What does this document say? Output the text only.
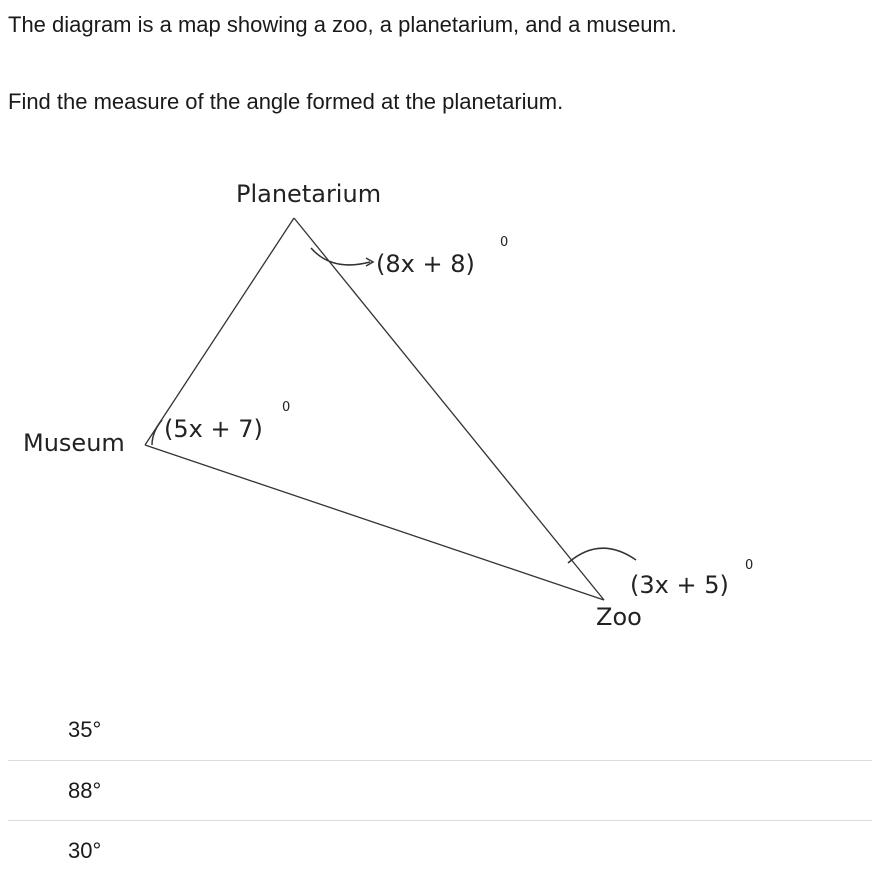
The diagram is a map showing a zoo, a planetarium, and a museum.
Find the measure of the angle formed at the planetarium.
Planetarium
Museum
Zoo
(8x + 8)
0
(5x + 7)
0
(3x + 5)
0
35°
88°
30°
